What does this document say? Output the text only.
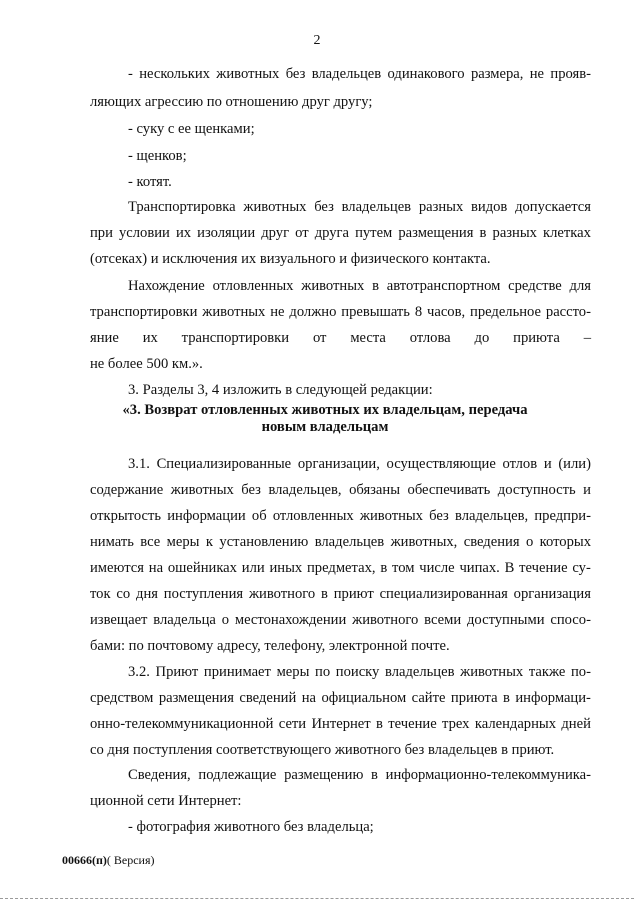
2
- нескольких животных без владельцев одинакового размера, не прояв-
ляющих агрессию по отношению друг другу;
- суку с ее щенками;
- щенков;
- котят.
Транспортировка животных без владельцев разных видов допускается
при условии их изоляции друг от друга путем размещения в разных клетках
(отсеках) и исключения их визуального и физического контакта.
Нахождение отловленных животных в автотранспортном средстве для
транспортировки животных не должно превышать 8 часов, предельное рассто-
яние их транспортировки от места отлова до приюта –
не более 500 км.».
3. Разделы 3, 4 изложить в следующей редакции:
3.1. Специализированные организации, осуществляющие отлов и (или)
содержание животных без владельцев, обязаны обеспечивать доступность и
открытость информации об отловленных животных без владельцев, предпри-
нимать все меры к установлению владельцев животных, сведения о которых
имеются на ошейниках или иных предметах, в том числе чипах. В течение су-
ток со дня поступления животного в приют специализированная организация
извещает владельца о местонахождении животного всеми доступными спосо-
бами: по почтовому адресу, телефону, электронной почте.
3.2. Приют принимает меры по поиску владельцев животных также по-
средством размещения сведений на официальном сайте приюта в информаци-
онно-телекоммуникационной сети Интернет в течение трех календарных дней
со дня поступления соответствующего животного без владельцев в приют.
Сведения, подлежащие размещению в информационно-телекоммуника-
ционной сети Интернет:
- фотография животного без владельца;
«3. Возврат отловленных животных их владельцам, передача
новым владельцам
00666(п)( Версия)
